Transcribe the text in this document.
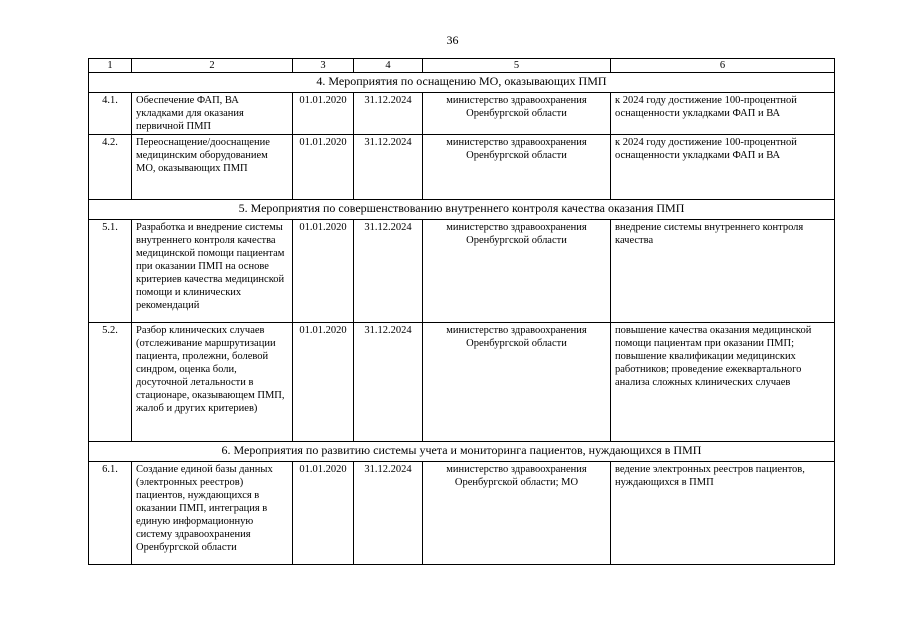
36
1	2	3	4	5	6
4. Мероприятия по оснащению МО, оказывающих ПМП					
4.1.	Обеспечение ФАП, ВА укладками для оказания первичной ПМП	01.01.2020	31.12.2024	министерство здравоохранения Оренбургской области	к 2024 году достижение 100-процентной оснащенности укладками ФАП и ВА
4.2.	Переоснащение/дооснащение медицинским оборудованием МО, оказывающих ПМП	01.01.2020	31.12.2024	министерство здравоохранения Оренбургской области	к 2024 году достижение 100-процентной оснащенности укладками ФАП и ВА
5. Мероприятия по совершенствованию внутреннего контроля качества оказания ПМП					
5.1.	Разработка и внедрение системы внутреннего контроля качества медицинской помощи пациентам при оказании ПМП на основе критериев качества медицинской помощи и клинических рекомендаций	01.01.2020	31.12.2024	министерство здравоохранения Оренбургской области	внедрение системы внутреннего контроля качества
5.2.	Разбор клинических случаев (отслеживание маршрутизации пациента, пролежни, болевой синдром, оценка боли, досуточной летальности в стационаре, оказывающем ПМП, жалоб и других критериев)	01.01.2020	31.12.2024	министерство здравоохранения Оренбургской области	повышение качества оказания медицинской помощи пациентам при оказании ПМП; повышение квалификации медицинских работников; проведение ежеквартального анализа сложных клинических случаев
6. Мероприятия по развитию системы учета и мониторинга пациентов, нуждающихся в ПМП					
6.1.	Создание единой базы данных (электронных реестров) пациентов, нуждающихся в оказании ПМП, интеграция в единую информационную систему здравоохранения Оренбургской области	01.01.2020	31.12.2024	министерство здравоохранения Оренбургской области; МО	ведение электронных реестров пациентов, нуждающихся в ПМП
